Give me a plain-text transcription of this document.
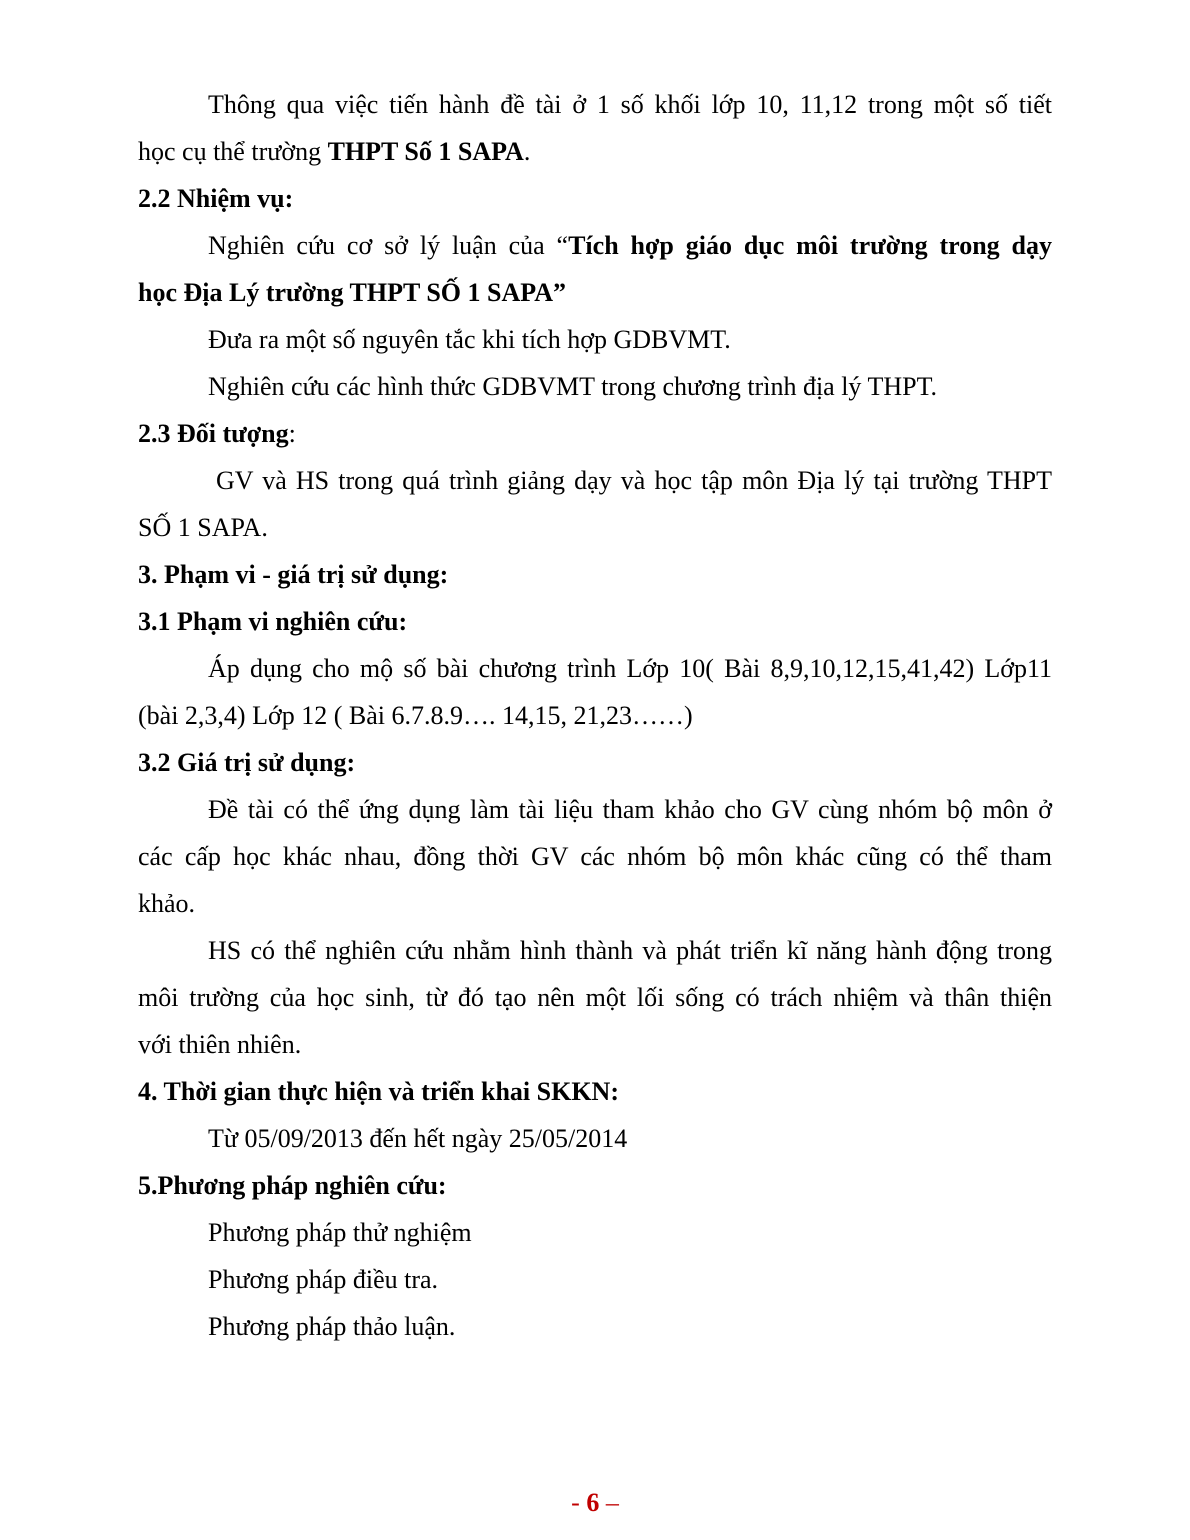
Thông qua việc tiến hành đề tài ở 1 số khối lớp 10, 11,12 trong một số tiết
học cụ thể trường THPT Số 1 SAPA.
2.2 Nhiệm vụ:
Nghiên cứu cơ sở lý luận của “Tích hợp giáo dục môi trường trong dạy
học Địa Lý trường THPT SỐ 1 SAPA”
Đưa ra một số nguyên tắc khi tích hợp GDBVMT.
Nghiên cứu các hình thức GDBVMT trong chương trình địa lý THPT.
2.3 Đối tượng:
GV và HS trong quá trình giảng dạy và học tập môn Địa lý tại trường THPT
SỐ 1 SAPA.
3. Phạm vi - giá trị sử dụng:
3.1 Phạm vi nghiên cứu:
Áp dụng cho mộ số bài chương trình Lớp 10( Bài 8,9,10,12,15,41,42) Lớp11
(bài 2,3,4) Lớp 12 ( Bài 6.7.8.9…. 14,15, 21,23……)
3.2 Giá trị sử dụng:
Đề tài có thể ứng dụng làm tài liệu tham khảo cho GV cùng nhóm bộ môn ở
các cấp học khác nhau, đồng thời GV các nhóm bộ môn khác cũng có thể tham
khảo.
HS có thể nghiên cứu nhằm hình thành và phát triển kĩ năng hành động trong
môi trường của học sinh, từ đó tạo nên một lối sống có trách nhiệm và thân thiện
với thiên nhiên.
4. Thời gian thực hiện và triển khai SKKN:
Từ 05/09/2013 đến hết ngày 25/05/2014
5.Phương pháp nghiên cứu:
Phương pháp thử nghiệm
Phương pháp điều tra.
Phương pháp thảo luận.
- 6 –
